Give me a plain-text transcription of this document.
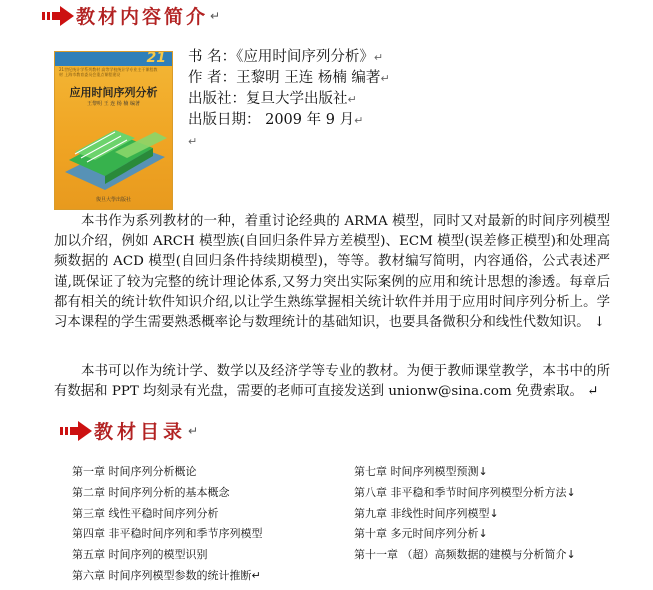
教材内容简介 ↵
21
21世纪统计学系列教材 高等学校统计学专业主干课程教材 上海市教育委员会重点课程建设
应用时间序列分析
王黎明 王 连 杨 楠 编著
復旦大學出版社
书 名：《应用时间序列分析》↵
作 者：王黎明 王连 杨楠 编著↵
出版社：复旦大学出版社↵
出版日期： 2009 年 9 月↵
↵

本书作为系列教材的一种，着重讨论经典的 ARMA 模型，同时又对最新的时间序列模型加以介绍，例如 ARCH 模型族(自回归条件异方差模型)、ECM 模型(误差修正模型)和处理高频数据的 ACD 模型(自回归条件持续期模型)，等等。教材编写简明，内容通俗，公式表述严谨,既保证了较为完整的统计理论体系,又努力突出实际案例的应用和统计思想的渗透。每章后都有相关的统计软件知识介绍,以让学生熟练掌握相关统计软件并用于应用时间序列分析上。学习本课程的学生需要熟悉概率论与数理统计的基础知识，也要具备微积分和线性代数知识。 ↓

本书可以作为统计学、数学以及经济学等专业的教材。为便于教师课堂教学，本书中的所有数据和 PPT 均刻录有光盘，需要的老师可直接发送到 unionw@sina.com 免费索取。 ↵

教材目录 ↵
第一章 时间序列分析概论
第二章 时间序列分析的基本概念
第三章 线性平稳时间序列分析
第四章 非平稳时间序列和季节序列模型
第五章 时间序列的模型识别
第六章 时间序列模型参数的统计推断↵
第七章 时间序列模型预测↓
第八章 非平稳和季节时间序列模型分析方法↓
第九章 非线性时间序列模型↓
第十章 多元时间序列分析↓
第十一章 （超）高频数据的建模与分析简介↓
